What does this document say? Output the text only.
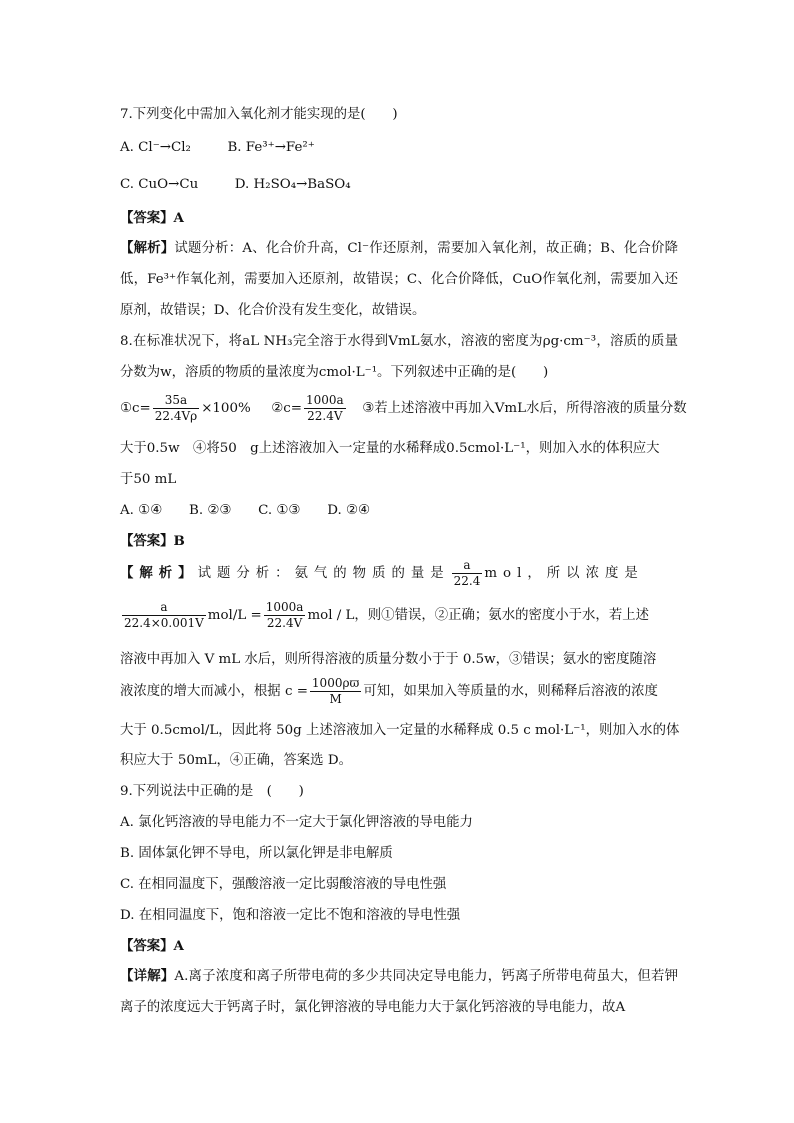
7.下列变化中需加入氧化剂才能实现的是(　　)
A. Cl⁻→Cl₂	B. Fe³⁺→Fe²⁺
C. CuO→Cu	D. H₂SO₄→BaSO₄
【答案】A
【解析】试题分析：A、化合价升高，Cl⁻作还原剂，需要加入氧化剂，故正确；B、化合价降低，Fe³⁺作氧化剂，需要加入还原剂，故错误；C、化合价降低，CuO作氧化剂，需要加入还原剂，故错误；D、化合价没有发生变化，故错误。
8.在标准状况下，将aL NH₃完全溶于水得到VmL氨水，溶液的密度为ρg·cm⁻³，溶质的质量分数为w，溶质的物质的量浓度为cmol·L⁻¹。下列叙述中正确的是(　　)
①c= $\frac{35a}{22.4V\rho} \times 100\%$ ②c= $\frac{1000a}{22.4V}$ ③若上述溶液中再加入VmL水后，所得溶液的质量分数
大于0.5w　④将50　g上述溶液加入一定量的水稀释成0.5cmol·L⁻¹，则加入水的体积应大
于50 mL
A. ①④　　B. ②③　　C. ①③　　D. ②④
【答案】B
【解析】试题分析：氨气的物质的量是 $\frac{a}{22.4}$ mol，所以浓度是
$\frac{a}{22.4\times 0.001V} mol/L = \frac{1000a}{22.4V}$ mol / L，则①错误，②正确；氨水的密度小于水，若上述
溶液中再加入 V mL 水后，则所得溶液的质量分数小于于 0.5w，③错误；氨水的密度随溶
液浓度的增大而减小，根据 $c = \frac{1000\rho ϖ}{M}$ 可知，如果加入等质量的水，则稀释后溶液的浓度
大于 0.5cmol/L，因此将 50g 上述溶液加入一定量的水稀释成 0.5 c mol·L⁻¹，则加入水的体
积应大于 50mL，④正确，答案选 D。
9.下列说法中正确的是　(　　)
A. 氯化钙溶液的导电能力不一定大于氯化钾溶液的导电能力
B. 固体氯化钾不导电，所以氯化钾是非电解质
C. 在相同温度下，强酸溶液一定比弱酸溶液的导电性强
D. 在相同温度下，饱和溶液一定比不饱和溶液的导电性强
【答案】A
【详解】A.离子浓度和离子所带电荷的多少共同决定导电能力，钙离子所带电荷虽大，但若钾离子的浓度远大于钙离子时，氯化钾溶液的导电能力大于氯化钙溶液的导电能力，故A
